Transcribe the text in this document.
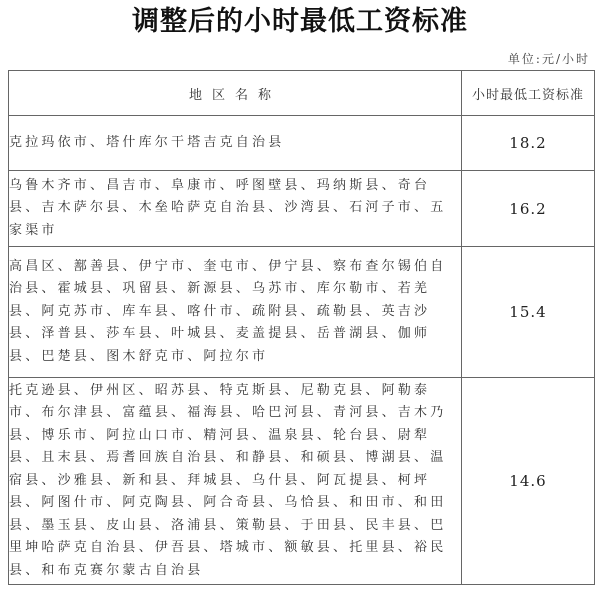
调整后的小时最低工资标准
单位:元/小时
地区名称	小时最低工资标准
克拉玛依市、塔什库尔干塔吉克自治县	18.2
乌鲁木齐市、昌吉市、阜康市、呼图壁县、玛纳斯县、奇台县、吉木萨尔县、木垒哈萨克自治县、沙湾县、石河子市、五家渠市	16.2
高昌区、鄯善县、伊宁市、奎屯市、伊宁县、察布查尔锡伯自治县、霍城县、巩留县、新源县、乌苏市、库尔勒市、若羌县、阿克苏市、库车县、喀什市、疏附县、疏勒县、英吉沙县、泽普县、莎车县、叶城县、麦盖提县、岳普湖县、伽师县、巴楚县、图木舒克市、阿拉尔市	15.4
托克逊县、伊州区、昭苏县、特克斯县、尼勒克县、阿勒泰市、布尔津县、富蕴县、福海县、哈巴河县、青河县、吉木乃县、博乐市、阿拉山口市、精河县、温泉县、轮台县、尉犁县、且末县、焉耆回族自治县、和静县、和硕县、博湖县、温宿县、沙雅县、新和县、拜城县、乌什县、阿瓦提县、柯坪县、阿图什市、阿克陶县、阿合奇县、乌恰县、和田市、和田县、墨玉县、皮山县、洛浦县、策勒县、于田县、民丰县、巴里坤哈萨克自治县、伊吾县、塔城市、额敏县、托里县、裕民县、和布克赛尔蒙古自治县	14.6
